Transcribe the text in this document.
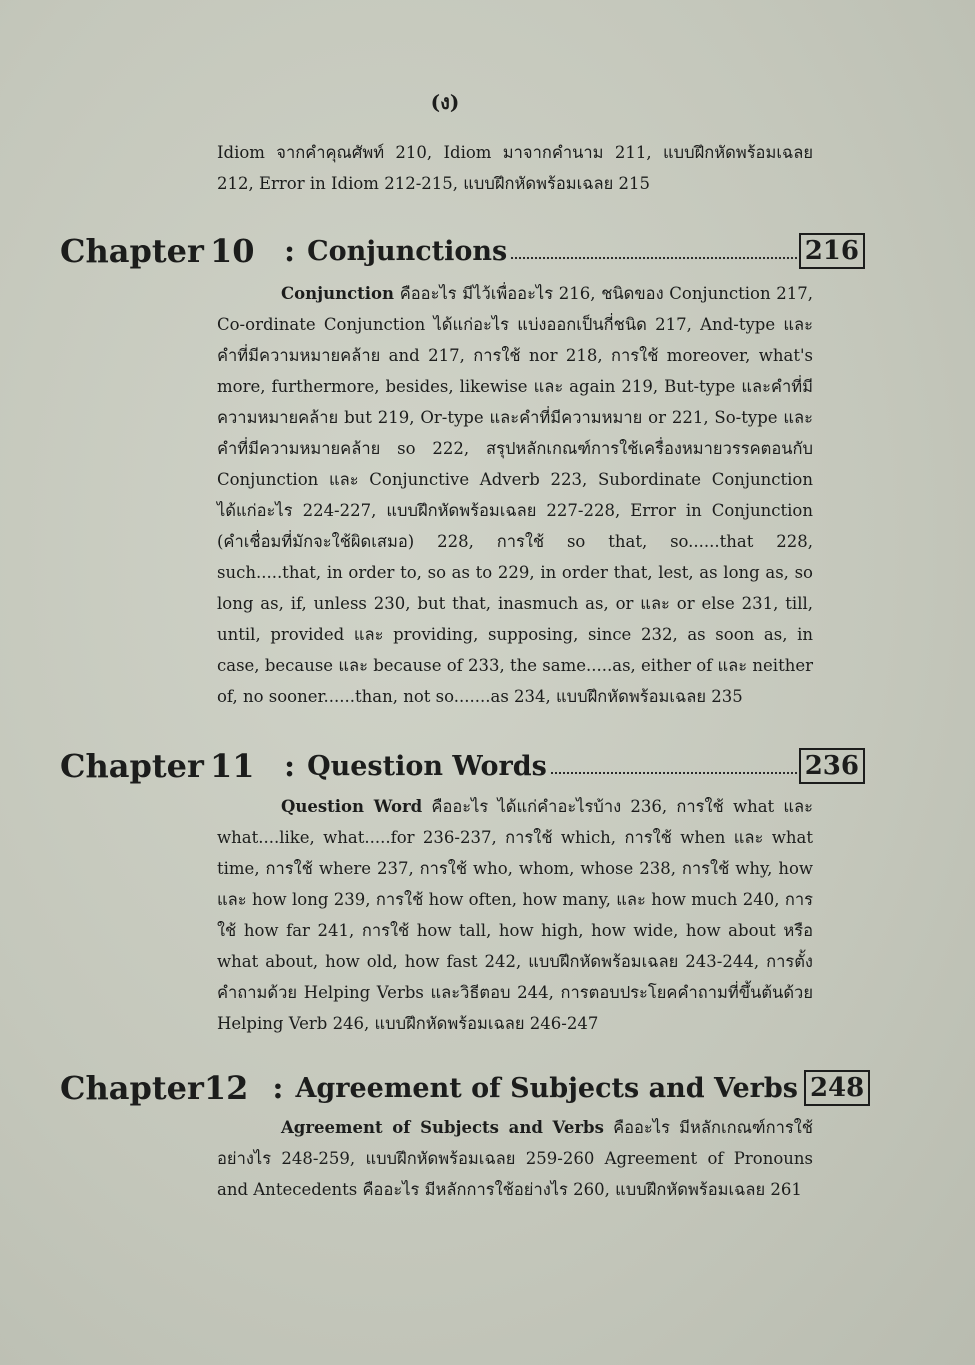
(ง)
Idiom จากคำคุณศัพท์ 210, Idiom มาจากคำนาม 211, แบบฝึกหัดพร้อมเฉลย 212, Error in Idiom 212-215, แบบฝึกหัดพร้อมเฉลย 215
Chapter 10 : Conjunctions	216
Conjunction คืออะไร มีไว้เพื่ออะไร 216, ชนิดของ Conjunction 217, Co-ordinate Conjunction ได้แก่อะไร แบ่งออกเป็นกี่ชนิด 217, And-type และคำที่มีความหมายคล้าย and 217, การใช้ nor 218, การใช้ moreover, what's more, furthermore, besides, likewise และ again 219, But-type และคำที่มีความหมายคล้าย but 219, Or-type และคำที่มีความหมาย or 221, So-type และคำที่มีความหมายคล้าย so 222, สรุปหลักเกณฑ์การใช้เครื่องหมายวรรคตอนกับ Conjunction และ Conjunctive Adverb 223, Subordinate Conjunction ได้แก่อะไร 224-227, แบบฝึกหัดพร้อมเฉลย 227-228, Error in Conjunction (คำเชื่อมที่มักจะใช้ผิดเสมอ) 228, การใช้ so that, so......that 228, such.....that, in order to, so as to 229, in order that, lest, as long as, so long as, if, unless 230, but that, inasmuch as, or และ or else 231, till, until, provided และ providing, supposing, since 232, as soon as, in case, because และ because of 233, the same.....as, either of และ neither of, no sooner......than, not so.......as 234, แบบฝึกหัดพร้อมเฉลย 235
Chapter 11 : Question Words	236
Question Word คืออะไร ได้แก่คำอะไรบ้าง 236, การใช้ what และ what....like, what.....for 236-237, การใช้ which, การใช้ when และ what time, การใช้ where 237, การใช้ who, whom, whose 238, การใช้ why, how และ how long 239, การใช้ how often, how many, และ how much 240, การใช้ how far 241, การใช้ how tall, how high, how wide, how about หรือ what about, how old, how fast 242, แบบฝึกหัดพร้อมเฉลย 243-244, การตั้งคำถามด้วย Helping Verbs และวิธีตอบ 244, การตอบประโยคคำถามที่ขึ้นต้นด้วย Helping Verb 246, แบบฝึกหัดพร้อมเฉลย 246-247
Chapter 12 : Agreement of Subjects and Verbs 248
Agreement of Subjects and Verbs คืออะไร มีหลักเกณฑ์การใช้อย่างไร 248-259, แบบฝึกหัดพร้อมเฉลย 259-260 Agreement of Pronouns and Antecedents คืออะไร มีหลักการใช้อย่างไร 260, แบบฝึกหัดพร้อมเฉลย 261
